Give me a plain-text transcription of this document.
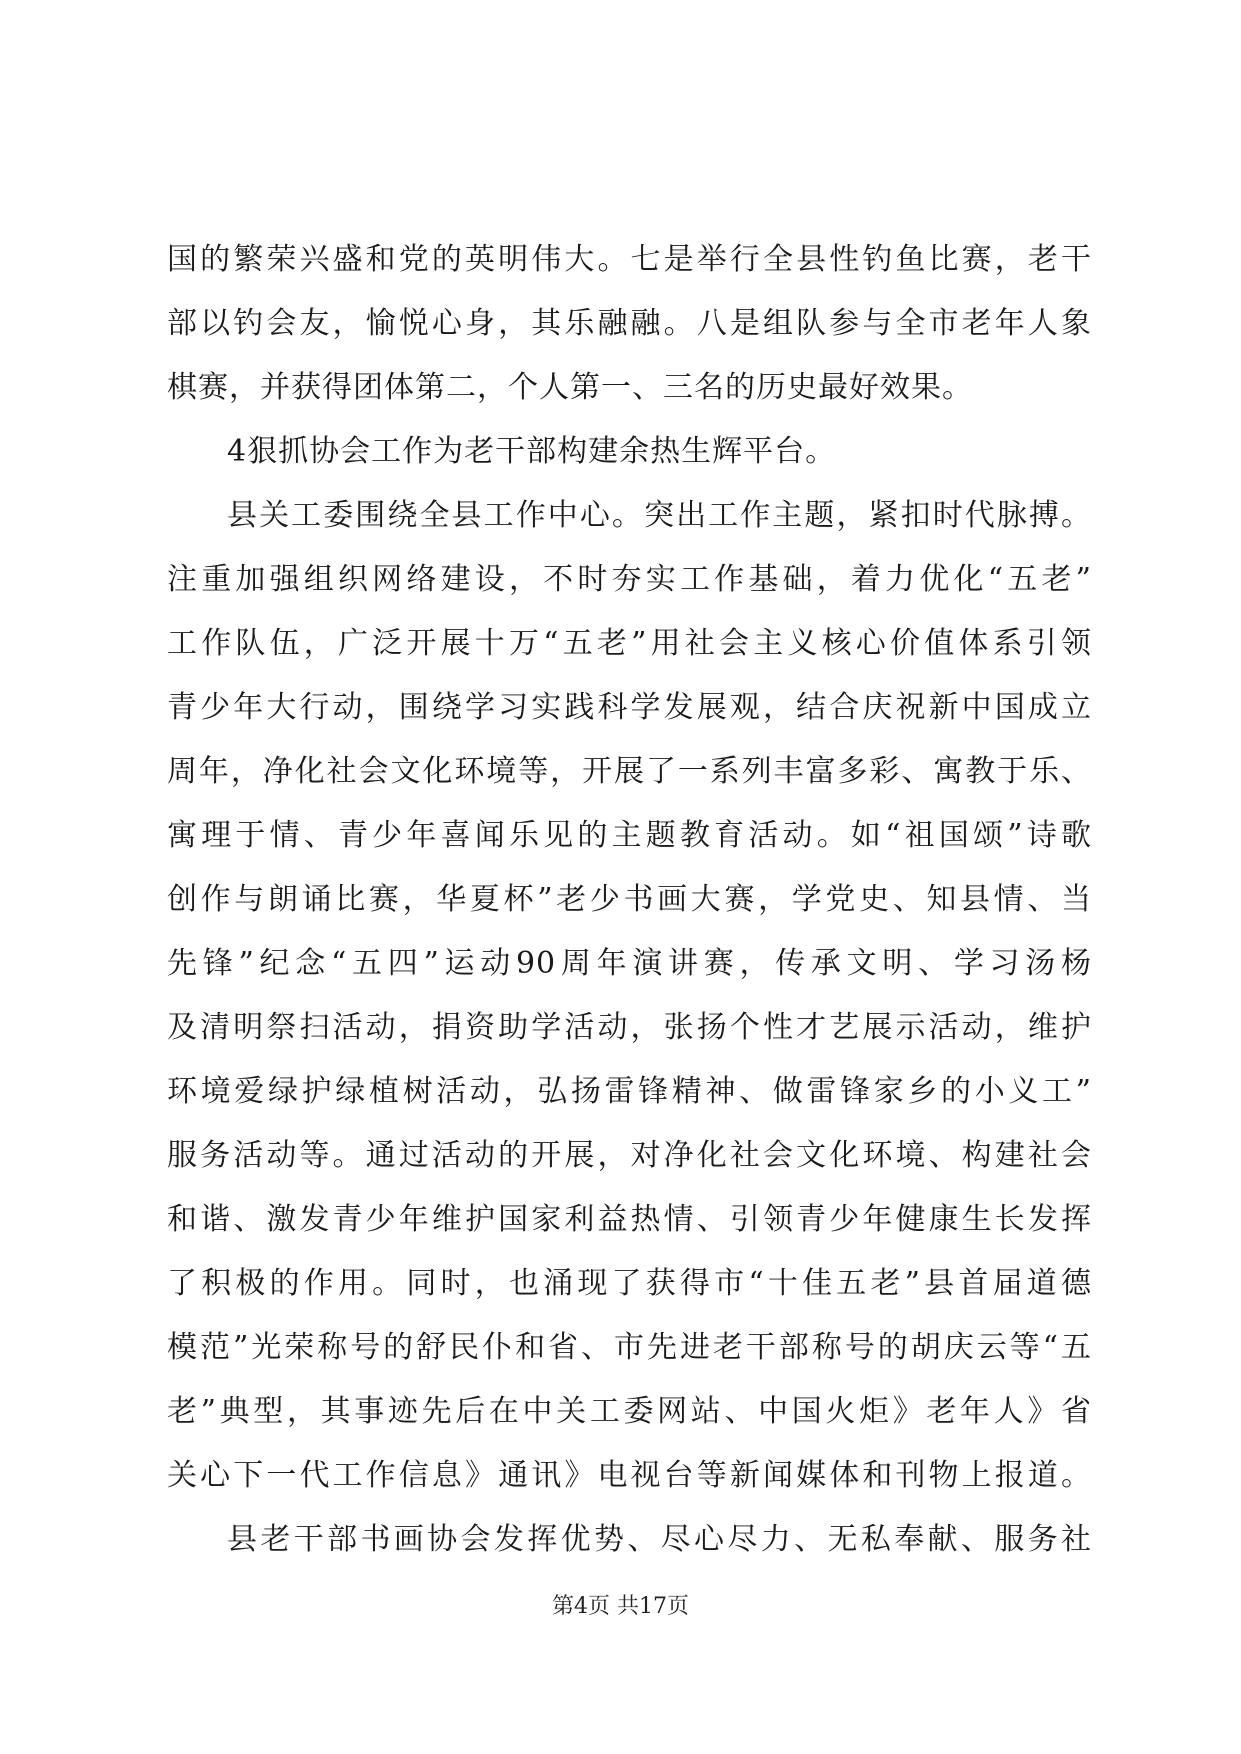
国的繁荣兴盛和党的英明伟大。七是举行全县性钓鱼比赛，老干
部以钓会友，愉悦心身，其乐融融。八是组队参与全市老年人象
棋赛，并获得团体第二，个人第一、三名的历史最好效果。
4狠抓协会工作为老干部构建余热生辉平台。
县关工委围绕全县工作中心。突出工作主题，紧扣时代脉搏。
注重加强组织网络建设，不时夯实工作基础，着力优化“五老”
工作队伍，广泛开展十万“五老”用社会主义核心价值体系引领
青少年大行动，围绕学习实践科学发展观，结合庆祝新中国成立
周年，净化社会文化环境等，开展了一系列丰富多彩、寓教于乐、
寓理于情、青少年喜闻乐见的主题教育活动。如“祖国颂”诗歌
创作与朗诵比赛，华夏杯”老少书画大赛，学党史、知县情、当
先锋”纪念“五四”运动90周年演讲赛，传承文明、学习汤杨
及清明祭扫活动，捐资助学活动，张扬个性才艺展示活动，维护
环境爱绿护绿植树活动，弘扬雷锋精神、做雷锋家乡的小义工”
服务活动等。通过活动的开展，对净化社会文化环境、构建社会
和谐、激发青少年维护国家利益热情、引领青少年健康生长发挥
了积极的作用。同时，也涌现了获得市“十佳五老”县首届道德
模范”光荣称号的舒民仆和省、市先进老干部称号的胡庆云等“五
老”典型，其事迹先后在中关工委网站、中国火炬》老年人》省
关心下一代工作信息》通讯》电视台等新闻媒体和刊物上报道。
县老干部书画协会发挥优势、尽心尽力、无私奉献、服务社
第4页 共17页
